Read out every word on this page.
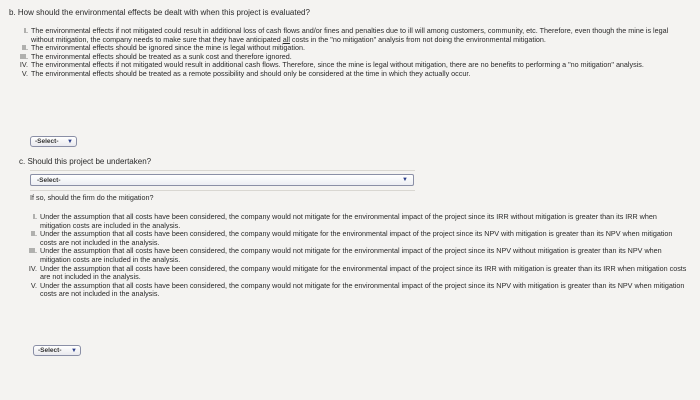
b. How should the environmental effects be dealt with when this project is evaluated?
I. The environmental effects if not mitigated could result in additional loss of cash flows and/or fines and penalties due to ill will among customers, community, etc. Therefore, even though the mine is legal without mitigation, the company needs to make sure that they have anticipated all costs in the "no mitigation" analysis from not doing the environmental mitigation.
II. The environmental effects should be ignored since the mine is legal without mitigation.
III. The environmental effects should be treated as a sunk cost and therefore ignored.
IV. The environmental effects if not mitigated would result in additional cash flows. Therefore, since the mine is legal without mitigation, there are no benefits to performing a "no mitigation" analysis.
V. The environmental effects should be treated as a remote possibility and should only be considered at the time in which they actually occur.
-Select- ▼
c. Should this project be undertaken?
-Select-	▼
If so, should the firm do the mitigation?
I. Under the assumption that all costs have been considered, the company would not mitigate for the environmental impact of the project since its IRR without mitigation is greater than its IRR when mitigation costs are included in the analysis.
II. Under the assumption that all costs have been considered, the company would mitigate for the environmental impact of the project since its NPV with mitigation is greater than its NPV when mitigation costs are not included in the analysis.
III. Under the assumption that all costs have been considered, the company would not mitigate for the environmental impact of the project since its NPV without mitigation is greater than its NPV when mitigation costs are included in the analysis.
IV. Under the assumption that all costs have been considered, the company would mitigate for the environmental impact of the project since its IRR with mitigation is greater than its IRR when mitigation costs are not included in the analysis.
V. Under the assumption that all costs have been considered, the company would not mitigate for the environmental impact of the project since its NPV with mitigation is greater than its NPV when mitigation costs are not included in the analysis.
-Select- ▼
